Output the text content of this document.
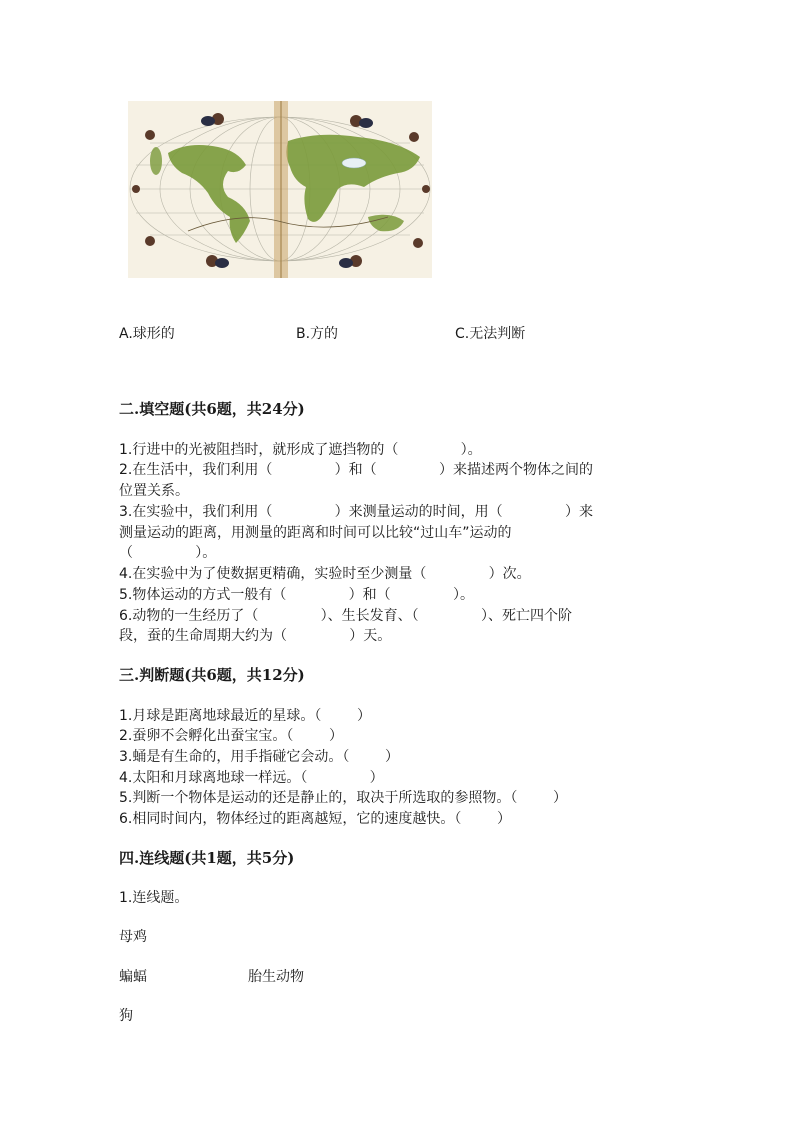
A.球形的	B.方的	C.无法判断
二.填空题(共6题，共24分)
1.行进中的光被阻挡时，就形成了遮挡物的（              ）。
2.在生活中，我们利用（              ）和（              ）来描述两个物体之间的
位置关系。
3.在实验中，我们利用（              ）来测量运动的时间，用（              ）来
测量运动的距离，用测量的距离和时间可以比较“过山车”运动的
（              ）。
4.在实验中为了使数据更精确，实验时至少测量（              ）次。
5.物体运动的方式一般有（              ）和（              ）。
6.动物的一生经历了（              ）、生长发育、（              ）、死亡四个阶
段，蚕的生命周期大约为（              ）天。
三.判断题(共6题，共12分)
1.月球是距离地球最近的星球。（        ）
2.蚕卵不会孵化出蚕宝宝。（        ）
3.蛹是有生命的，用手指碰它会动。（        ）
4.太阳和月球离地球一样远。（              ）
5.判断一个物体是运动的还是静止的，取决于所选取的参照物。（        ）
6.相同时间内，物体经过的距离越短，它的速度越快。（        ）
四.连线题(共1题，共5分)
1.连线题。
母鸡
蝙蝠	胎生动物
狗
